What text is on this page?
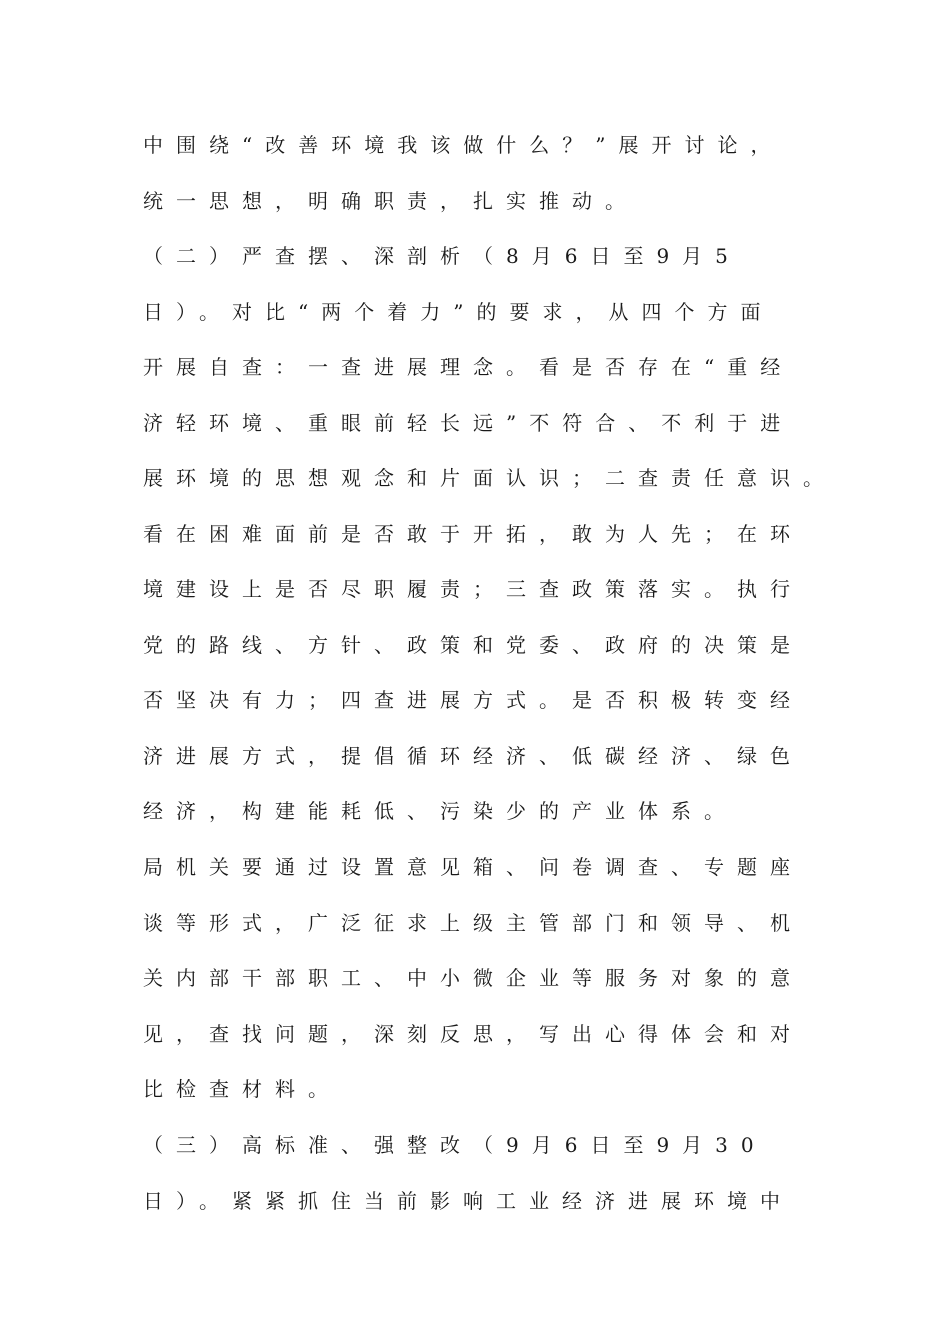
中围绕“改善环境我该做什么？”展开讨论，
统一思想，明确职责，扎实推动。
（二）严查摆、深剖析（8月6日至9月5
日）。对比“两个着力”的要求，从四个方面
开展自查：一查进展理念。看是否存在“重经
济轻环境、重眼前轻长远”不符合、不利于进
展环境的思想观念和片面认识；二查责任意识。
看在困难面前是否敢于开拓，敢为人先；在环
境建设上是否尽职履责；三查政策落实。执行
党的路线、方针、政策和党委、政府的决策是
否坚决有力；四查进展方式。是否积极转变经
济进展方式，提倡循环经济、低碳经济、绿色
经济，构建能耗低、污染少的产业体系。
局机关要通过设置意见箱、问卷调查、专题座
谈等形式，广泛征求上级主管部门和领导、机
关内部干部职工、中小微企业等服务对象的意
见，查找问题，深刻反思，写出心得体会和对
比检查材料。
（三）高标准、强整改（9月6日至9月30
日）。紧紧抓住当前影响工业经济进展环境中
